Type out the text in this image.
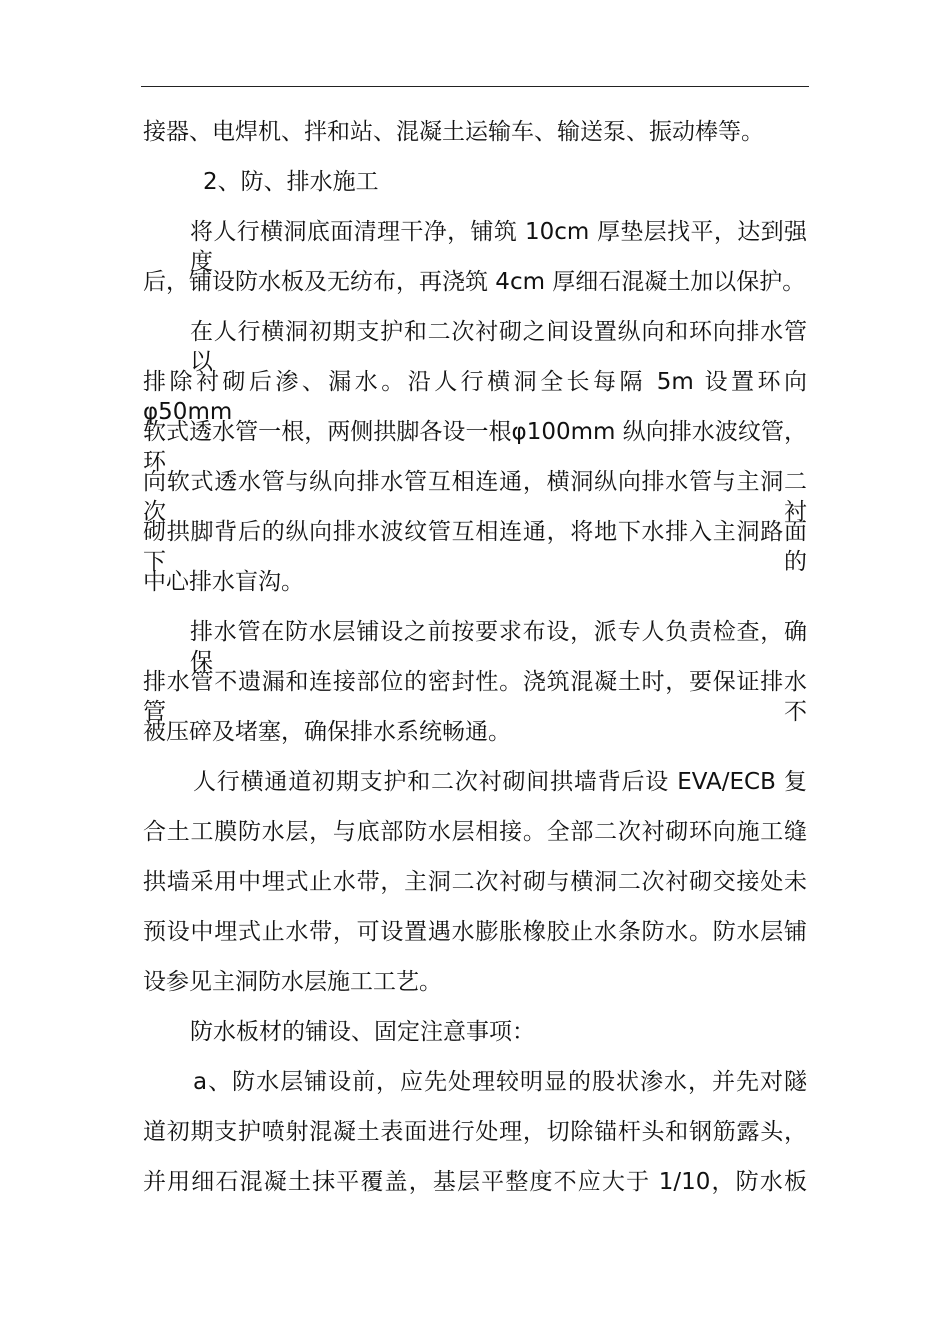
接器、电焊机、拌和站、混凝土运输车、输送泵、振动棒等。
2、防、排水施工
将人行横洞底面清理干净，铺筑 10cm 厚垫层找平，达到强度
后，铺设防水板及无纺布，再浇筑 4cm 厚细石混凝土加以保护。
在人行横洞初期支护和二次衬砌之间设置纵向和环向排水管以
排除衬砌后渗、漏水。沿人行横洞全长每隔 5m 设置环向φ50mm
软式透水管一根，两侧拱脚各设一根φ100mm 纵向排水波纹管，环
向软式透水管与纵向排水管互相连通，横洞纵向排水管与主洞二次衬
砌拱脚背后的纵向排水波纹管互相连通，将地下水排入主洞路面下的
中心排水盲沟。
排水管在防水层铺设之前按要求布设，派专人负责检查，确保
排水管不遗漏和连接部位的密封性。浇筑混凝土时，要保证排水管不
被压碎及堵塞，确保排水系统畅通。
人行横通道初期支护和二次衬砌间拱墙背后设 EVA/ECB 复
合土工膜防水层，与底部防水层相接。全部二次衬砌环向施工缝
拱墙采用中埋式止水带，主洞二次衬砌与横洞二次衬砌交接处未
预设中埋式止水带，可设置遇水膨胀橡胶止水条防水。防水层铺
设参见主洞防水层施工工艺。
防水板材的铺设、固定注意事项：
a、防水层铺设前，应先处理较明显的股状渗水，并先对隧
道初期支护喷射混凝土表面进行处理，切除锚杆头和钢筋露头，
并用细石混凝土抹平覆盖，基层平整度不应大于 1/10，防水板
